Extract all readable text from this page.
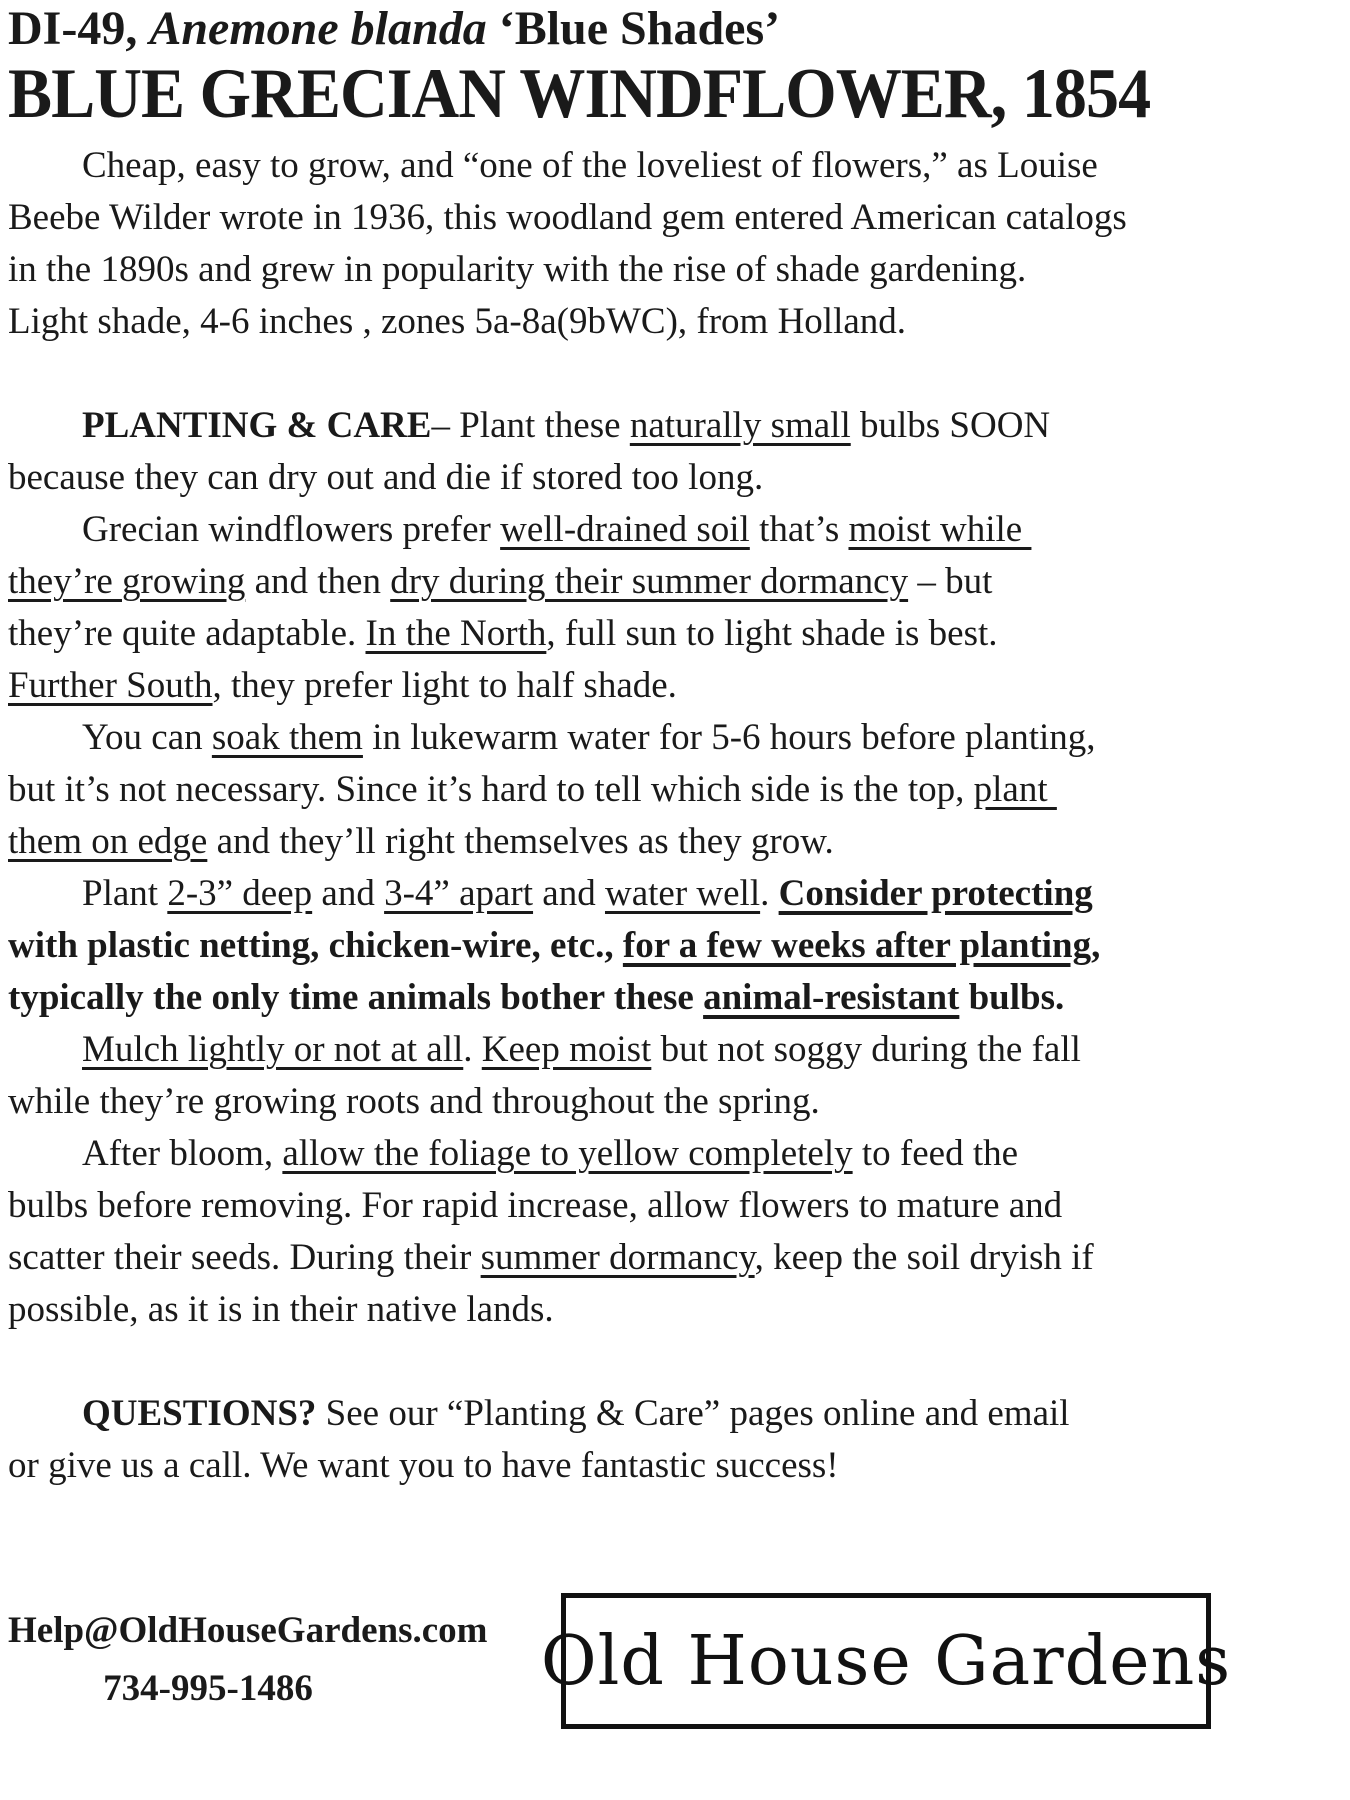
DI-49, Anemone blanda ‘Blue Shades’
BLUE GRECIAN WINDFLOWER, 1854
Cheap, easy to grow, and “one of the loveliest of flowers,” as Louise
Beebe Wilder wrote in 1936, this woodland gem entered American catalogs
in the 1890s and grew in popularity with the rise of shade gardening.
Light shade, 4-6 inches , zones 5a-8a(9bWC), from Holland.
PLANTING & CARE– Plant these naturally small bulbs SOON
because they can dry out and die if stored too long.
Grecian windflowers prefer well-drained soil that’s moist while
they’re growing and then dry during their summer dormancy – but
they’re quite adaptable. In the North, full sun to light shade is best.
Further South, they prefer light to half shade.
You can soak them in lukewarm water for 5-6 hours before planting,
but it’s not necessary. Since it’s hard to tell which side is the top, plant
them on edge and they’ll right themselves as they grow.
Plant 2-3” deep and 3-4” apart and water well. Consider protecting
with plastic netting, chicken-wire, etc., for a few weeks after planting,
typically the only time animals bother these animal-resistant bulbs.
Mulch lightly or not at all. Keep moist but not soggy during the fall
while they’re growing roots and throughout the spring.
After bloom, allow the foliage to yellow completely to feed the
bulbs before removing. For rapid increase, allow flowers to mature and
scatter their seeds. During their summer dormancy, keep the soil dryish if
possible, as it is in their native lands.
QUESTIONS? See our “Planting & Care” pages online and email
or give us a call. We want you to have fantastic success!
Help@OldHouseGardens.com
734-995-1486	Old House Gardens
